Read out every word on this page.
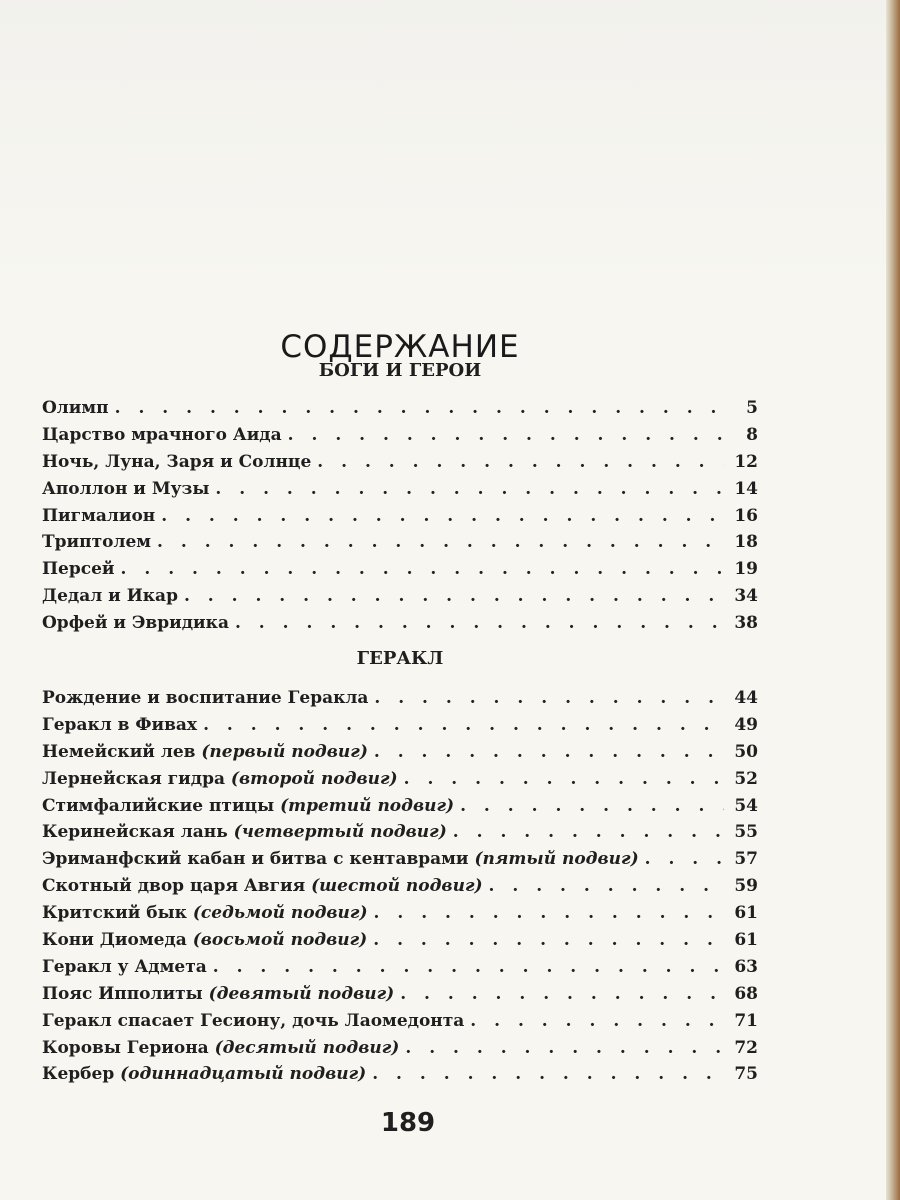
СОДЕРЖАНИЕ
БОГИ И ГЕРОИ
Олимп . . .	5
Царство мрачного Аида . . .	8
Ночь, Луна, Заря и Солнце . . .	12
Аполлон и Музы . . .	14
Пигмалион . . .	16
Триптолем . . .	18
Персей . . .	19
Дедал и Икар . . .	34
Орфей и Эвридика . . .	38
ГЕРАКЛ
Рождение и воспитание Геракла . . .	44
Геракл в Фивах . . .	49
Немейский лев (первый подвиг) . . .	50
Лернейская гидра (второй подвиг) . . .	52
Стимфалийские птицы (третий подвиг) . . .	54
Керинейская лань (четвертый подвиг) . . .	55
Эриманфский кабан и битва с кентаврами (пятый подвиг) . . .	57
Скотный двор царя Авгия (шестой подвиг) . . .	59
Критский бык (седьмой подвиг) . . .	61
Кони Диомеда (восьмой подвиг) . . .	61
Геракл у Адмета . . .	63
Пояс Ипполиты (девятый подвиг) . . .	68
Геракл спасает Гесиону, дочь Лаомедонта . . .	71
Коровы Гериона (десятый подвиг) . . .	72
Кербер (одиннадцатый подвиг) . . .	75
189
